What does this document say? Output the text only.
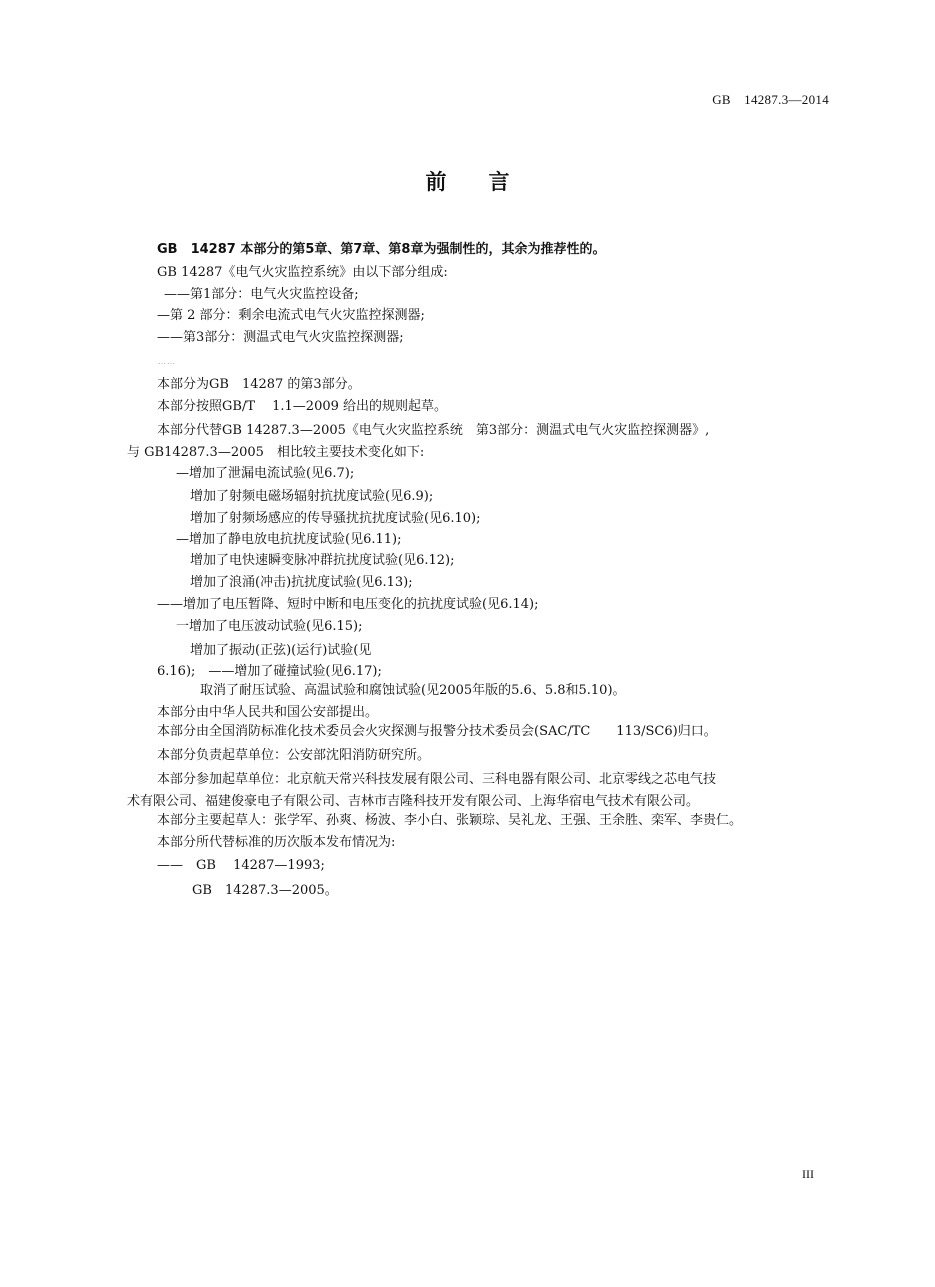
GB　14287.3—2014
前言
GB　14287 本部分的第5章、第7章、第8章为强制性的，其余为推荐性的。
GB 14287《电气火灾监控系统》由以下部分组成:
——第1部分：电气火灾监控设备;
—第 2 部分：剩余电流式电气火灾监控探测器;
——第3部分：测温式电气火灾监控探测器;
……
本部分为GB　14287 的第3部分。
本部分按照GB/T　 1.1—2009 给出的规则起草。
本部分代替GB 14287.3—2005《电气火灾监控系统　第3部分：测温式电气火灾监控探测器》,
与 GB14287.3—2005　相比较主要技术变化如下:
—增加了泄漏电流试验(见6.7);
增加了射频电磁场辐射抗扰度试验(见6.9);
增加了射频场感应的传导骚扰抗扰度试验(见6.10);
—增加了静电放电抗扰度试验(见6.11);
增加了电快速瞬变脉冲群抗扰度试验(见6.12);
增加了浪涌(冲击)抗扰度试验(见6.13);
——增加了电压暂降、短时中断和电压变化的抗扰度试验(见6.14);
一增加了电压波动试验(见6.15);
增加了振动(正弦)(运行)试验(见
6.16);　——增加了碰撞试验(见6.17);
取消了耐压试验、高温试验和腐蚀试验(见2005年版的5.6、5.8和5.10)。
本部分由中华人民共和国公安部提出。
本部分由全国消防标准化技术委员会火灾探测与报警分技术委员会(SAC/TC　　113/SC6)归口。
本部分负责起草单位：公安部沈阳消防研究所。
本部分参加起草单位：北京航天常兴科技发展有限公司、三科电器有限公司、北京零线之芯电气技
术有限公司、福建俊豪电子有限公司、吉林市吉隆科技开发有限公司、上海华宿电气技术有限公司。
本部分主要起草人：张学军、孙爽、杨波、李小白、张颖琮、吴礼龙、王强、王余胜、栾军、李贵仁。
本部分所代替标准的历次版本发布情况为:
——　GB　 14287—1993;
GB　14287.3—2005。
III
